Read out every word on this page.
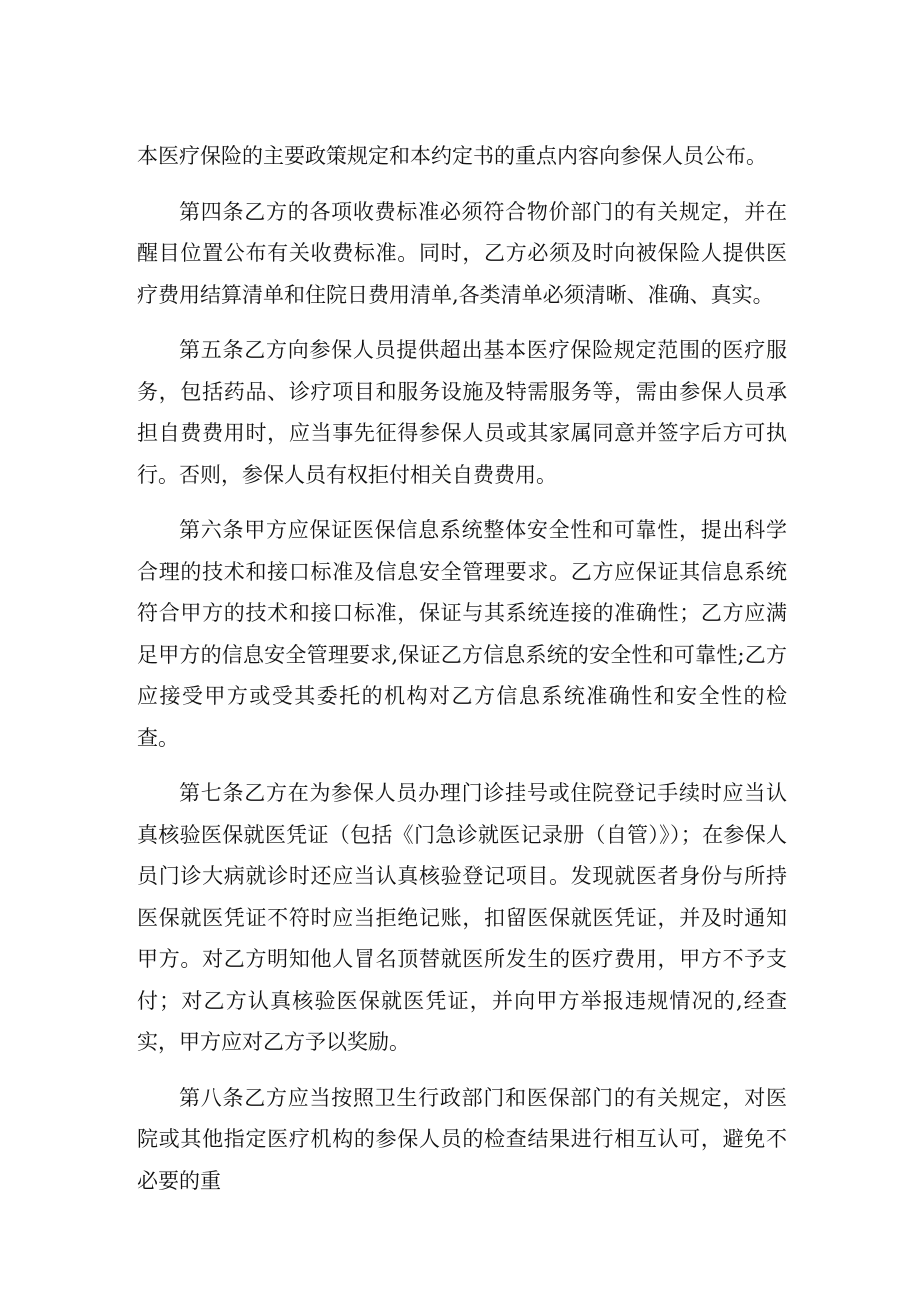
本医疗保险的主要政策规定和本约定书的重点内容向参保人员公布。

第四条乙方的各项收费标准必须符合物价部门的有关规定，并在醒目位置公布有关收费标准。同时，乙方必须及时向被保险人提供医疗费用结算清单和住院日费用清单,各类清单必须清晰、准确、真实。

第五条乙方向参保人员提供超出基本医疗保险规定范围的医疗服务，包括药品、诊疗项目和服务设施及特需服务等，需由参保人员承担自费费用时，应当事先征得参保人员或其家属同意并签字后方可执行。否则，参保人员有权拒付相关自费费用。

第六条甲方应保证医保信息系统整体安全性和可靠性，提出科学合理的技术和接口标准及信息安全管理要求。乙方应保证其信息系统符合甲方的技术和接口标准，保证与其系统连接的准确性；乙方应满足甲方的信息安全管理要求,保证乙方信息系统的安全性和可靠性;乙方应接受甲方或受其委托的机构对乙方信息系统准确性和安全性的检查。

第七条乙方在为参保人员办理门诊挂号或住院登记手续时应当认真核验医保就医凭证（包括《门急诊就医记录册（自管）》）；在参保人员门诊大病就诊时还应当认真核验登记项目。发现就医者身份与所持医保就医凭证不符时应当拒绝记账，扣留医保就医凭证，并及时通知甲方。对乙方明知他人冒名顶替就医所发生的医疗费用，甲方不予支付；对乙方认真核验医保就医凭证，并向甲方举报违规情况的,经查实，甲方应对乙方予以奖励。

第八条乙方应当按照卫生行政部门和医保部门的有关规定，对医院或其他指定医疗机构的参保人员的检查结果进行相互认可，避免不必要的重
